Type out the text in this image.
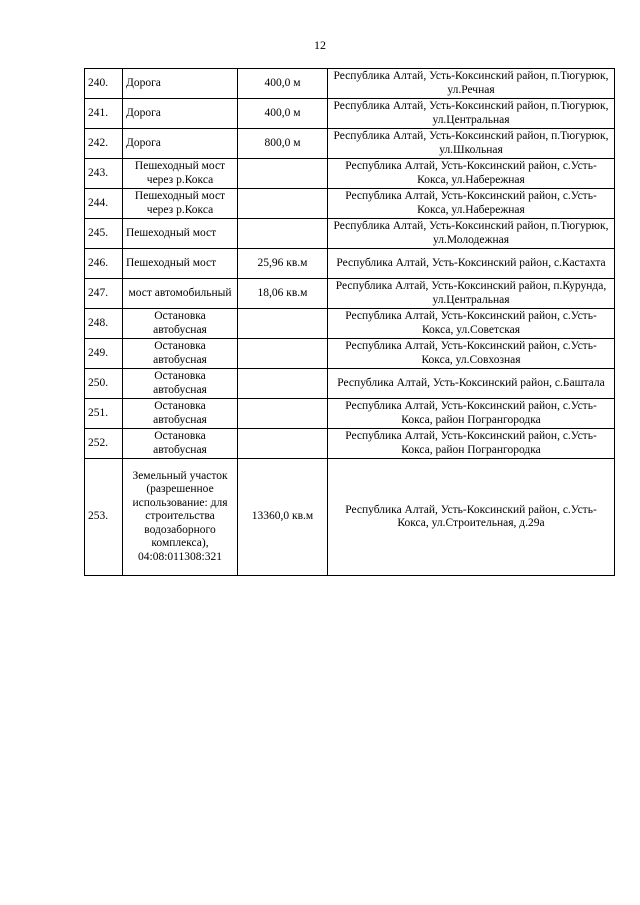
12
240.	Дорога	400,0 м	Республика Алтай, Усть-Коксинский район, п.Тюгурюк, ул.Речная
241.	Дорога	400,0 м	Республика Алтай, Усть-Коксинский район, п.Тюгурюк, ул.Центральная
242.	Дорога	800,0 м	Республика Алтай, Усть-Коксинский район, п.Тюгурюк, ул.Школьная
243.	Пешеходный мост через р.Кокса		Республика Алтай, Усть-Коксинский район, с.Усть-Кокса, ул.Набережная
244.	Пешеходный мост через р.Кокса		Республика Алтай, Усть-Коксинский район, с.Усть-Кокса, ул.Набережная
245.	Пешеходный мост		Республика Алтай, Усть-Коксинский район, п.Тюгурюк, ул.Молодежная
246.	Пешеходный мост	25,96 кв.м	Республика Алтай, Усть-Коксинский район, с.Кастахта
247.	мост автомобильный	18,06 кв.м	Республика Алтай, Усть-Коксинский район, п.Курунда, ул.Центральная
248.	Остановка автобусная		Республика Алтай, Усть-Коксинский район, с.Усть-Кокса, ул.Советская
249.	Остановка автобусная		Республика Алтай, Усть-Коксинский район, с.Усть-Кокса, ул.Совхозная
250.	Остановка автобусная		Республика Алтай, Усть-Коксинский район, с.Баштала
251.	Остановка автобусная		Республика Алтай, Усть-Коксинский район, с.Усть-Кокса, район Погрангородка
252.	Остановка автобусная		Республика Алтай, Усть-Коксинский район, с.Усть-Кокса, район Погрангородка
253.	Земельный участок (разрешенное использование: для строительства водозаборного комплекса), 04:08:011308:321	13360,0 кв.м	Республика Алтай, Усть-Коксинский район, с.Усть-Кокса, ул.Строительная, д.29а
